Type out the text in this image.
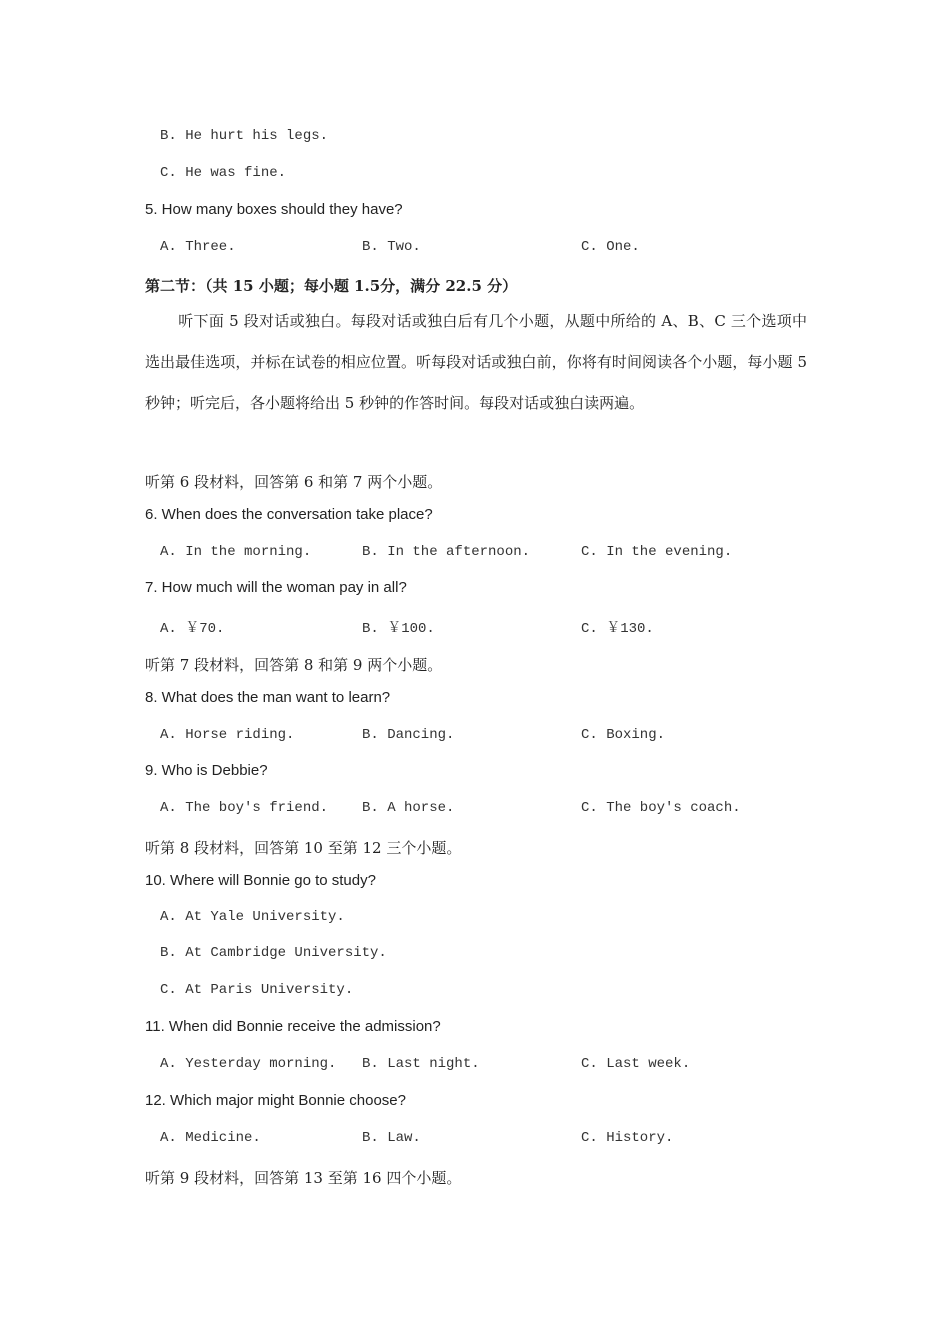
B. He hurt his legs.
C. He was fine.
5. How many boxes should they have?
A. Three.	B. Two.	C. One.
第二节：（共 15 小题；每小题 1.5分，满分 22.5 分）
听下面 5 段对话或独白。每段对话或独白后有几个小题，从题中所给的 A、B、C 三个选项中选出最佳选项，并标在试卷的相应位置。听每段对话或独白前，你将有时间阅读各个小题，每小题 5 秒钟；听完后，各小题将给出 5 秒钟的作答时间。每段对话或独白读两遍。
听第 6 段材料，回答第 6 和第 7 两个小题。
6. When does the conversation take place?
A. In the morning.	B. In the afternoon.	C. In the evening.
7. How much will the woman pay in all?
A. ￥70.	B. ￥100.	C. ￥130.
听第 7 段材料，回答第 8 和第 9 两个小题。
8. What does the man want to learn?
A. Horse riding.	B. Dancing.	C. Boxing.
9. Who is Debbie?
A. The boy's friend. B. A horse.	C. The boy's coach.
听第 8 段材料，回答第 10 至第 12 三个小题。
10. Where will Bonnie go to study?
A. At Yale University.
B. At Cambridge University.
C. At Paris University.
11. When did Bonnie receive the admission?
A. Yesterday morning. B. Last night.	C. Last week.
12. Which major might Bonnie choose?
A. Medicine.	B. Law.	C. History.
听第 9 段材料，回答第 13 至第 16 四个小题。
